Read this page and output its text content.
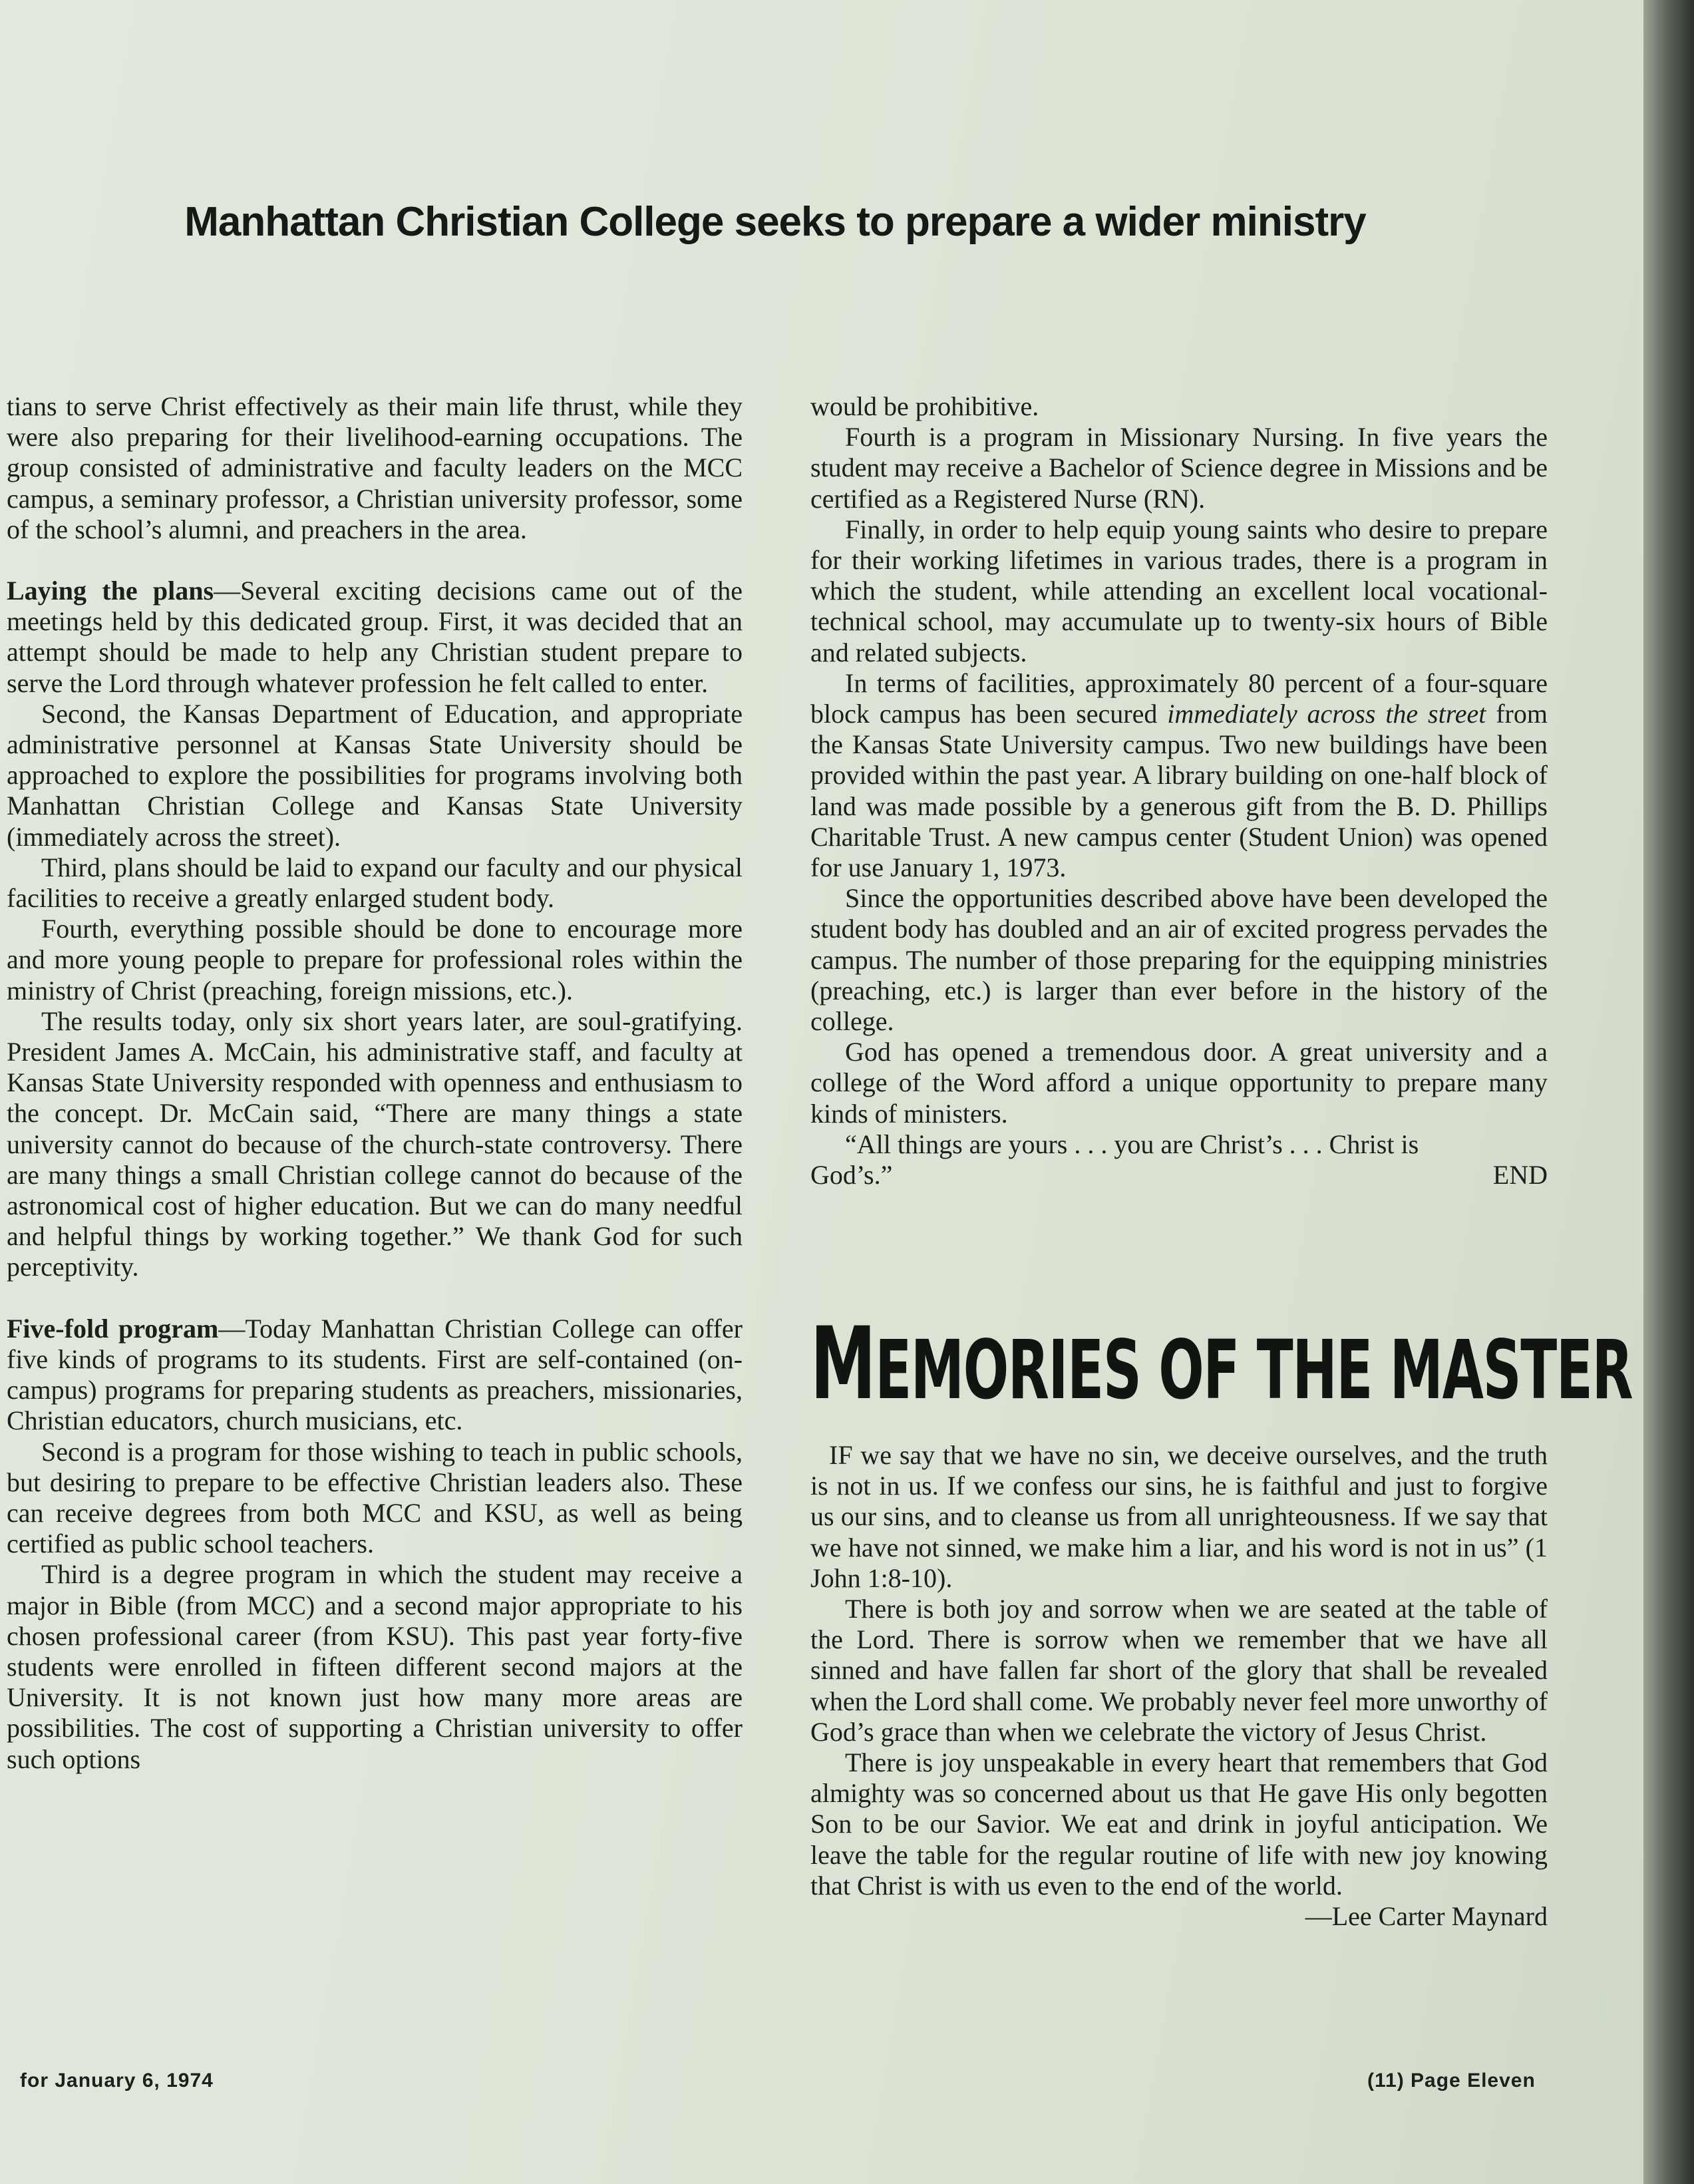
Manhattan Christian College seeks to prepare a wider ministry

tians to serve Christ effectively as their main life thrust, while they were also preparing for their livelihood-earning occupations. The group consisted of administrative and faculty leaders on the MCC campus, a seminary professor, a Christian university professor, some of the school’s alumni, and preachers in the area.

Laying the plans—Several exciting decisions came out of the meetings held by this dedicated group. First, it was decided that an attempt should be made to help any Christian student prepare to serve the Lord through whatever profession he felt called to enter.

Second, the Kansas Department of Education, and appropriate administrative personnel at Kansas State University should be approached to explore the possibilities for programs involving both Manhattan Christian College and Kansas State University (immediately across the street).

Third, plans should be laid to expand our faculty and our physical facilities to receive a greatly enlarged student body.

Fourth, everything possible should be done to encourage more and more young people to prepare for professional roles within the ministry of Christ (preaching, foreign missions, etc.).

The results today, only six short years later, are soul-gratifying. President James A. McCain, his administrative staff, and faculty at Kansas State University responded with openness and enthusiasm to the concept. Dr. McCain said, “There are many things a state university cannot do because of the church-state controversy. There are many things a small Christian college cannot do because of the astronomical cost of higher education. But we can do many needful and helpful things by working together.” We thank God for such perceptivity.

Five-fold program—Today Manhattan Christian College can offer five kinds of programs to its students. First are self-contained (on-campus) programs for preparing students as preachers, missionaries, Christian educators, church musicians, etc.

Second is a program for those wishing to teach in public schools, but desiring to prepare to be effective Christian leaders also. These can receive degrees from both MCC and KSU, as well as being certified as public school teachers.

Third is a degree program in which the student may receive a major in Bible (from MCC) and a second major appropriate to his chosen professional career (from KSU). This past year forty-five students were enrolled in fifteen different second majors at the University. It is not known just how many more areas are possibilities. The cost of supporting a Christian university to offer such options

would be prohibitive.

Fourth is a program in Missionary Nursing. In five years the student may receive a Bachelor of Science degree in Missions and be certified as a Registered Nurse (RN).

Finally, in order to help equip young saints who desire to prepare for their working lifetimes in various trades, there is a program in which the student, while attending an excellent local vocational-technical school, may accumulate up to twenty-six hours of Bible and related subjects.

In terms of facilities, approximately 80 percent of a four-square block campus has been secured immediately across the street from the Kansas State University campus. Two new buildings have been provided within the past year. A library building on one-half block of land was made possible by a generous gift from the B. D. Phillips Charitable Trust. A new campus center (Student Union) was opened for use January 1, 1973.

Since the opportunities described above have been developed the student body has doubled and an air of excited progress pervades the campus. The number of those preparing for the equipping ministries (preaching, etc.) is larger than ever before in the history of the college.

God has opened a tremendous door. A great university and a college of the Word afford a unique opportunity to prepare many kinds of ministers.

“All things are yours . . . you are Christ’s . . . Christ is

God’s.”	END
MEMORIES OF THE MASTER

IF we say that we have no sin, we deceive ourselves, and the truth is not in us. If we confess our sins, he is faithful and just to forgive us our sins, and to cleanse us from all unrighteousness. If we say that we have not sinned, we make him a liar, and his word is not in us” (1 John 1:8-10).

There is both joy and sorrow when we are seated at the table of the Lord. There is sorrow when we remember that we have all sinned and have fallen far short of the glory that shall be revealed when the Lord shall come. We probably never feel more unworthy of God’s grace than when we celebrate the victory of Jesus Christ.

There is joy unspeakable in every heart that remembers that God almighty was so concerned about us that He gave His only begotten Son to be our Savior. We eat and drink in joyful anticipation. We leave the table for the regular routine of life with new joy knowing that Christ is with us even to the end of the world.

—Lee Carter Maynard
for January 6, 1974	(11) Page Eleven
